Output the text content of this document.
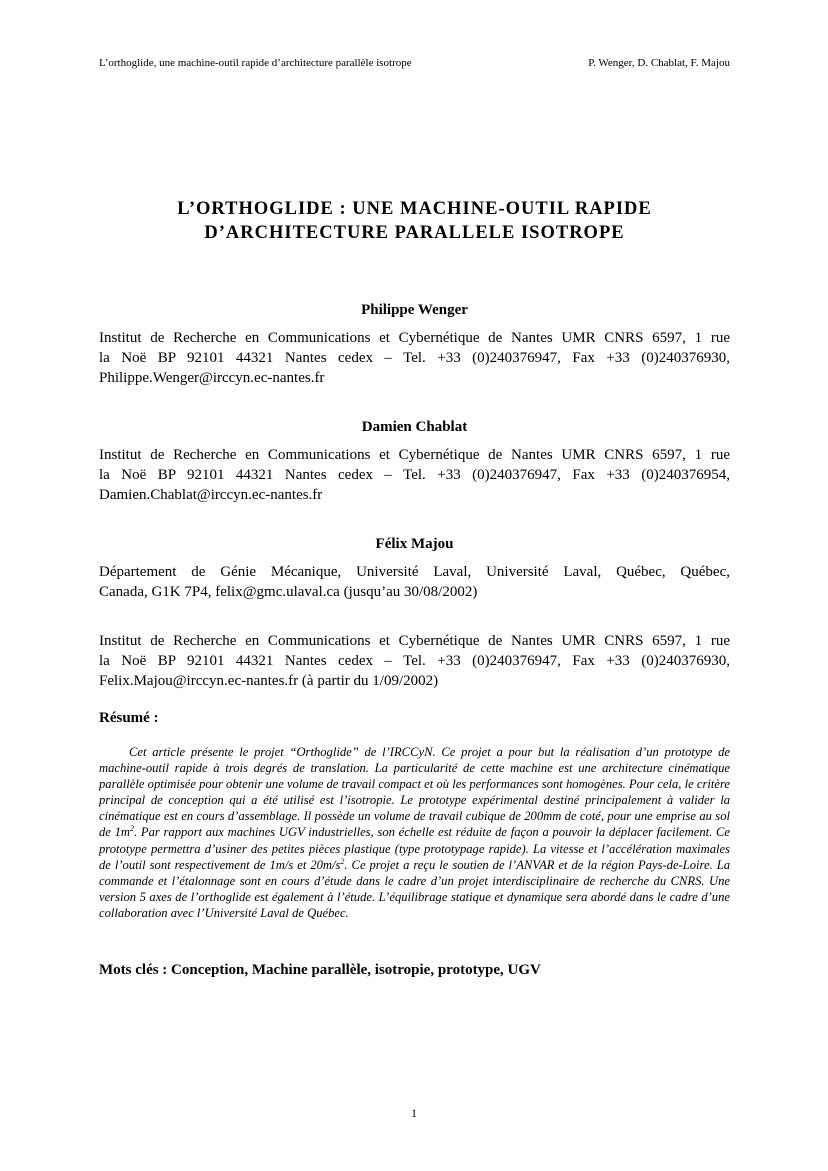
L’orthoglide, une machine-outil rapide d’architecture parallèle isotrope	P. Wenger, D. Chablat, F. Majou
L’ORTHOGLIDE : UNE MACHINE-OUTIL RAPIDE
D’ARCHITECTURE PARALLELE ISOTROPE
Philippe Wenger
Institut de Recherche en Communications et Cybernétique de Nantes UMR CNRS 6597, 1 rue
la Noë BP 92101 44321 Nantes cedex – Tel. +33 (0)240376947, Fax +33 (0)240376930,
Philippe.Wenger@irccyn.ec-nantes.fr
Damien Chablat
Institut de Recherche en Communications et Cybernétique de Nantes UMR CNRS 6597, 1 rue
la Noë BP 92101 44321 Nantes cedex – Tel. +33 (0)240376947, Fax +33 (0)240376954,
Damien.Chablat@irccyn.ec-nantes.fr
Félix Majou
Département de Génie Mécanique, Université Laval, Université Laval, Québec, Québec,
Canada, G1K 7P4, felix@gmc.ulaval.ca (jusqu’au 30/08/2002)
Institut de Recherche en Communications et Cybernétique de Nantes UMR CNRS 6597, 1 rue
la Noë BP 92101 44321 Nantes cedex – Tel. +33 (0)240376947, Fax +33 (0)240376930,
Felix.Majou@irccyn.ec-nantes.fr (à partir du 1/09/2002)
Résumé :

Cet article présente le projet “Orthoglide” de l’IRCCyN. Ce projet a pour but la réalisation d’un prototype de machine-outil rapide à trois degrés de translation. La particularité de cette machine est une architecture cinématique parallèle optimisée pour obtenir une volume de travail compact et où les performances sont homogènes. Pour cela, le critère principal de conception qui a été utilisé est l’isotropie. Le prototype expérimental destiné principalement à valider la cinématique est en cours d’assemblage. Il possède un volume de travail cubique de 200mm de coté, pour une emprise au sol de $1m^2$. Par rapport aux machines UGV industrielles, son échelle est réduite de façon a pouvoir la déplacer facilement. Ce prototype permettra d’usiner des petites pièces plastique (type prototypage rapide). La vitesse et l’accélération maximales de l’outil sont respectivement de 1m/s et $20m/s^2$. Ce projet a reçu le soutien de l’ANVAR et de la région Pays-de-Loire. La commande et l’étalonnage sont en cours d’étude dans le cadre d’un projet interdisciplinaire de recherche du CNRS. Une version 5 axes de l’orthoglide est également à l’étude. L’équilibrage statique et dynamique sera abordé dans le cadre d’une collaboration avec l’Université Laval de Québec.

Mots clés : Conception, Machine parallèle, isotropie, prototype, UGV
1
